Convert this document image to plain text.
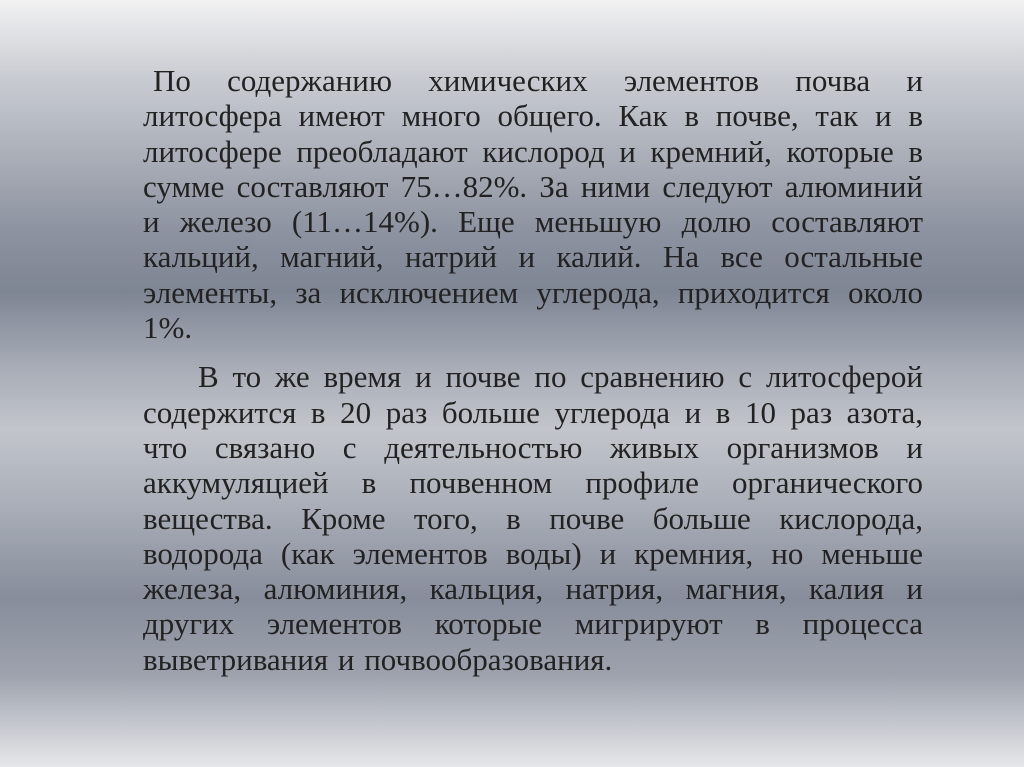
По содержанию химических элементов почва и литосфера имеют много общего. Как в почве, так и в литосфере преобладают кислород и кремний, которые в сумме составляют 75…82%. За ними следуют алюминий и железо (11…14%). Еще меньшую долю составляют кальций, магний, натрий и калий. На все остальные элементы, за исключением углерода, приходится около 1%.

В то же время и почве по сравнению с литосферой содержится в 20 раз больше углерода и в 10 раз азота, что связано с деятельностью живых организмов и аккумуляцией в почвенном профиле органического вещества. Кроме того, в почве больше кислорода, водорода (как элементов воды) и кремния, но меньше железа, алюминия, кальция, натрия, магния, калия и других элементов которые мигрируют в процесса выветривания и почвообразования.
